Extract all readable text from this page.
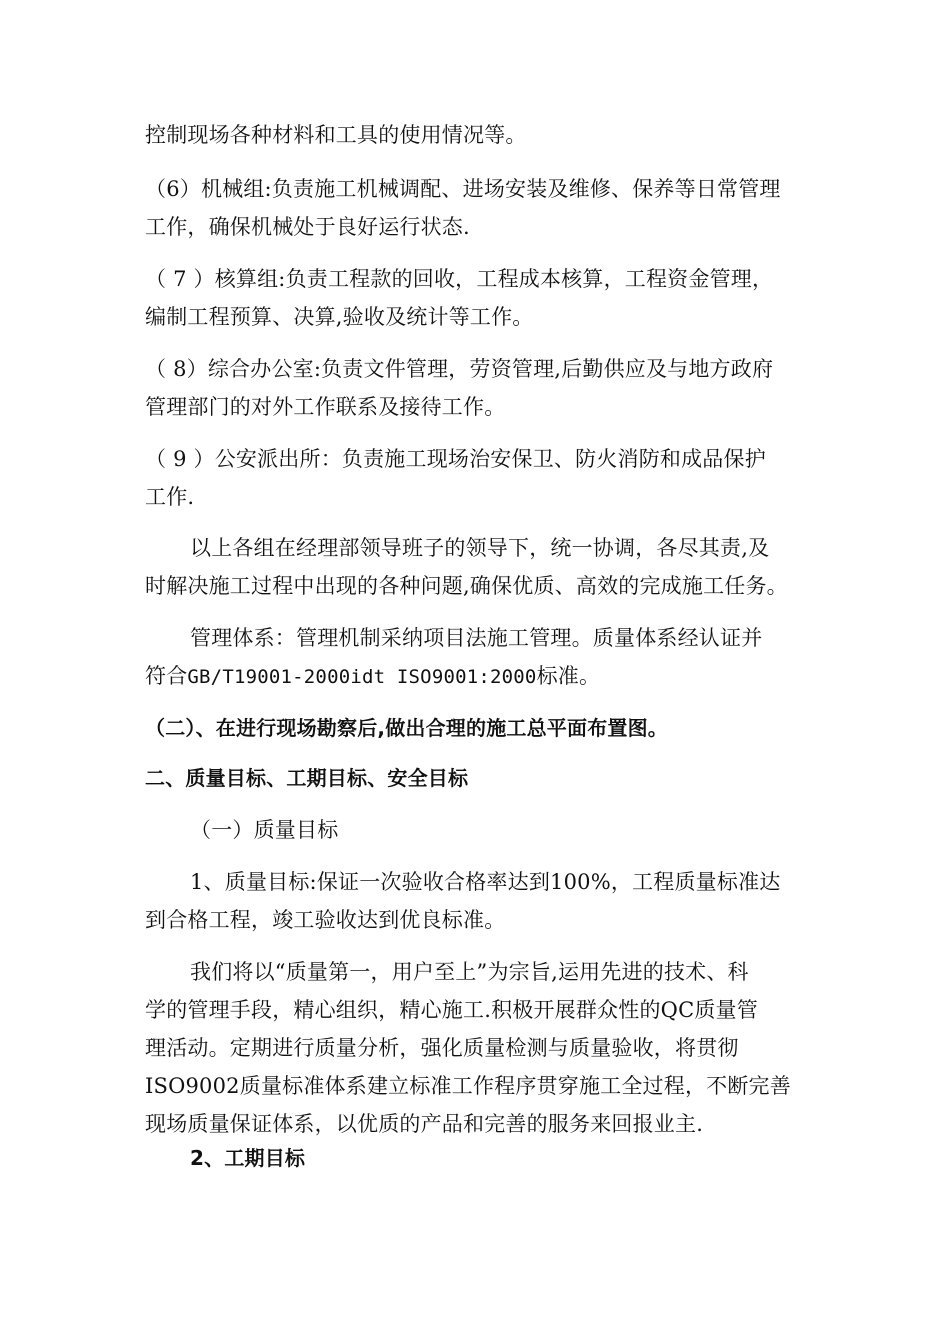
控制现场各种材料和工具的使用情况等。
（6）机械组:负责施工机械调配、进场安装及维修、保养等日常管理
工作，确保机械处于良好运行状态.
（ 7 ）核算组:负责工程款的回收，工程成本核算，工程资金管理，
编制工程预算、决算,验收及统计等工作。
（ 8）综合办公室:负责文件管理，劳资管理,后勤供应及与地方政府
管理部门的对外工作联系及接待工作。
（ 9 ）公安派出所：负责施工现场治安保卫、防火消防和成品保护
工作.
以上各组在经理部领导班子的领导下，统一协调，各尽其责,及
时解决施工过程中出现的各种问题,确保优质、高效的完成施工任务。
管理体系：管理机制采纳项目法施工管理。质量体系经认证并
符合GB/T19001-2000idt ISO9001:2000标准。
（二）、在进行现场勘察后,做出合理的施工总平面布置图。
二、质量目标、工期目标、安全目标
（一）质量目标
1、质量目标:保证一次验收合格率达到100%，工程质量标准达
到合格工程，竣工验收达到优良标准。
我们将以“质量第一，用户至上”为宗旨,运用先进的技术、科
学的管理手段，精心组织，精心施工.积极开展群众性的QC质量管
理活动。定期进行质量分析，强化质量检测与质量验收，将贯彻
ISO9002质量标准体系建立标准工作程序贯穿施工全过程，不断完善
现场质量保证体系，以优质的产品和完善的服务来回报业主.
2、工期目标
